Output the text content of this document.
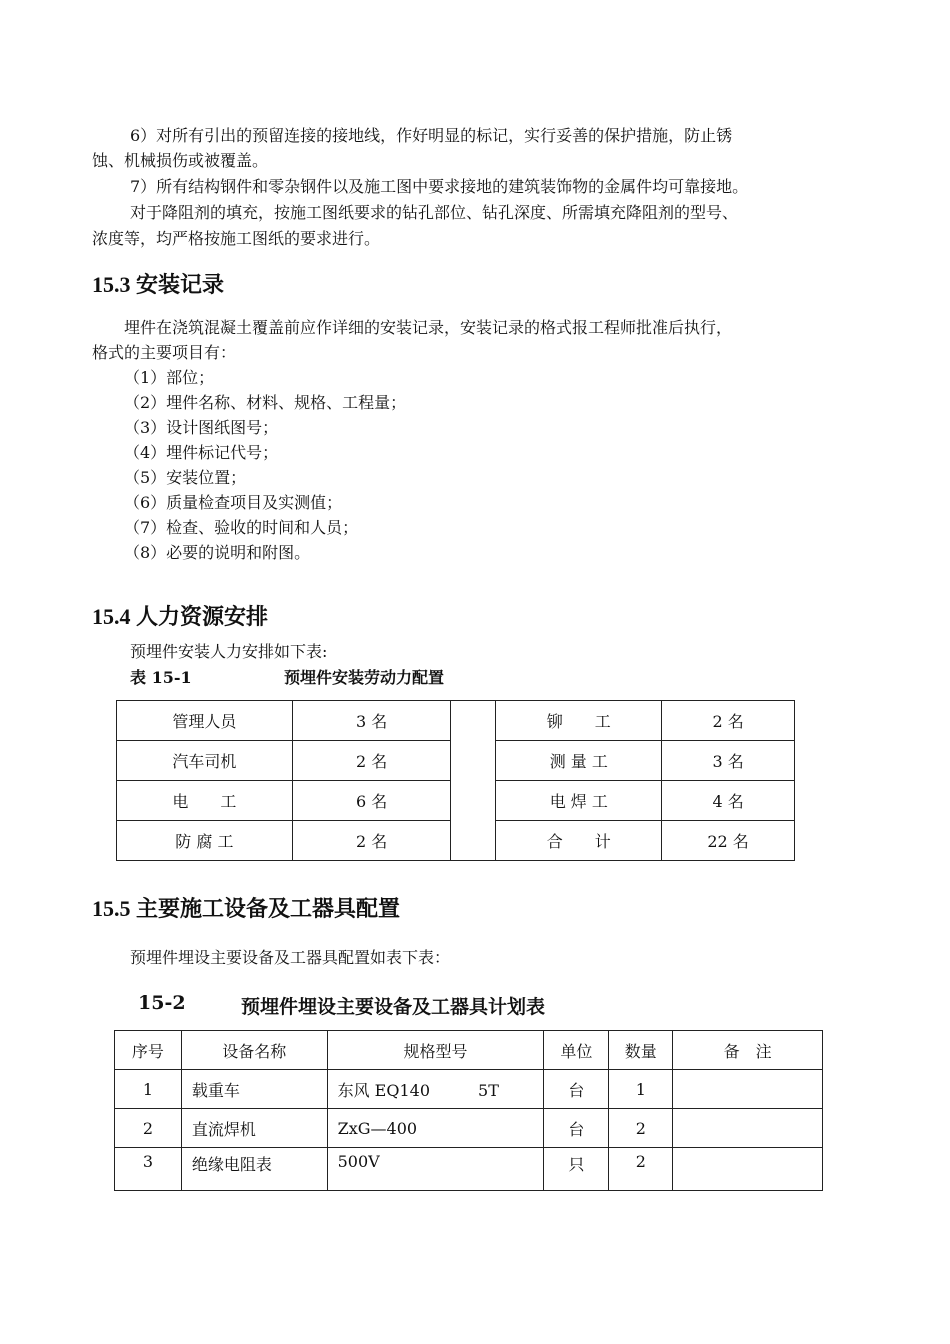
6）对所有引出的预留连接的接地线，作好明显的标记，实行妥善的保护措施，防止锈
蚀、机械损伤或被覆盖。
7）所有结构钢件和零杂钢件以及施工图中要求接地的建筑装饰物的金属件均可靠接地。
对于降阻剂的填充，按施工图纸要求的钻孔部位、钻孔深度、所需填充降阻剂的型号、
浓度等，均严格按施工图纸的要求进行。
15.3 安装记录
埋件在浇筑混凝土覆盖前应作详细的安装记录，安装记录的格式报工程师批准后执行，
格式的主要项目有：
（1）部位；
（2）埋件名称、材料、规格、工程量；
（3）设计图纸图号；
（4）埋件标记代号；
（5）安装位置；
（6）质量检查项目及实测值；
（7）检查、验收的时间和人员；
（8）必要的说明和附图。
15.4 人力资源安排
预埋件安装人力安排如下表:
表 15-1	预埋件安装劳动力配置
管理人员	3 名		铆　　工	2 名
汽车司机	2 名		测 量 工	3 名
电　　工	6 名		电 焊 工	4 名
防 腐 工	2 名		合　　计	22 名
15.5 主要施工设备及工器具配置
预埋件埋设主要设备及工器具配置如表下表：
15-2	预埋件埋设主要设备及工器具计划表
序号	设备名称	规格型号	单位	数量	备　注
1	载重车	东风 EQ140　　　5T	台	1	
2	直流焊机	ZxG—400	台	2	
3	绝缘电阻表	500V	只	2	
